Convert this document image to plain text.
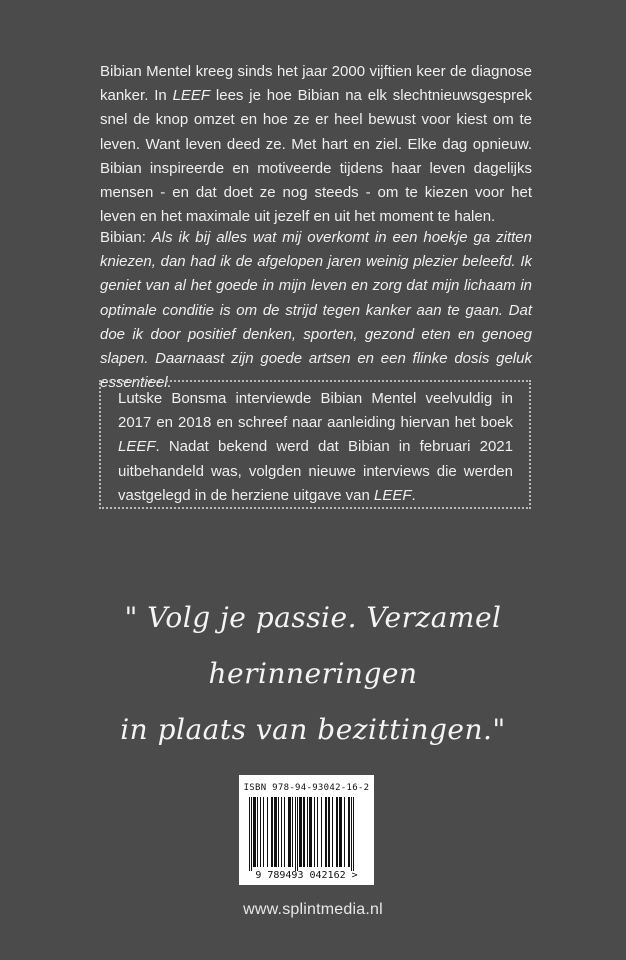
Bibian Mentel kreeg sinds het jaar 2000 vijftien keer de diagnose kanker. In LEEF lees je hoe Bibian na elk slechtnieuwsgesprek snel de knop omzet en hoe ze er heel bewust voor kiest om te leven. Want leven deed ze. Met hart en ziel. Elke dag opnieuw. Bibian inspireerde en motiveerde tijdens haar leven dagelijks mensen - en dat doet ze nog steeds - om te kiezen voor het leven en het maximale uit jezelf en uit het moment te halen.

Bibian: Als ik bij alles wat mij overkomt in een hoekje ga zitten kniezen, dan had ik de afgelopen jaren weinig plezier beleefd. Ik geniet van al het goede in mijn leven en zorg dat mijn lichaam in optimale conditie is om de strijd tegen kanker aan te gaan. Dat doe ik door positief denken, sporten, gezond eten en genoeg slapen. Daarnaast zijn goede artsen en een flinke dosis geluk essentieel.

Lutske Bonsma interviewde Bibian Mentel veelvuldig in 2017 en 2018 en schreef naar aanleiding hiervan het boek LEEF. Nadat bekend werd dat Bibian in februari 2021 uitbehandeld was, volgden nieuwe interviews die werden vastgelegd in de herziene uitgave van LEEF.

" Volg je passie. Verzamel herinneringen
in plaats van bezittingen."
ISBN 978-94-93042-16-2
9 789493 042162 >
www.splintmedia.nl
